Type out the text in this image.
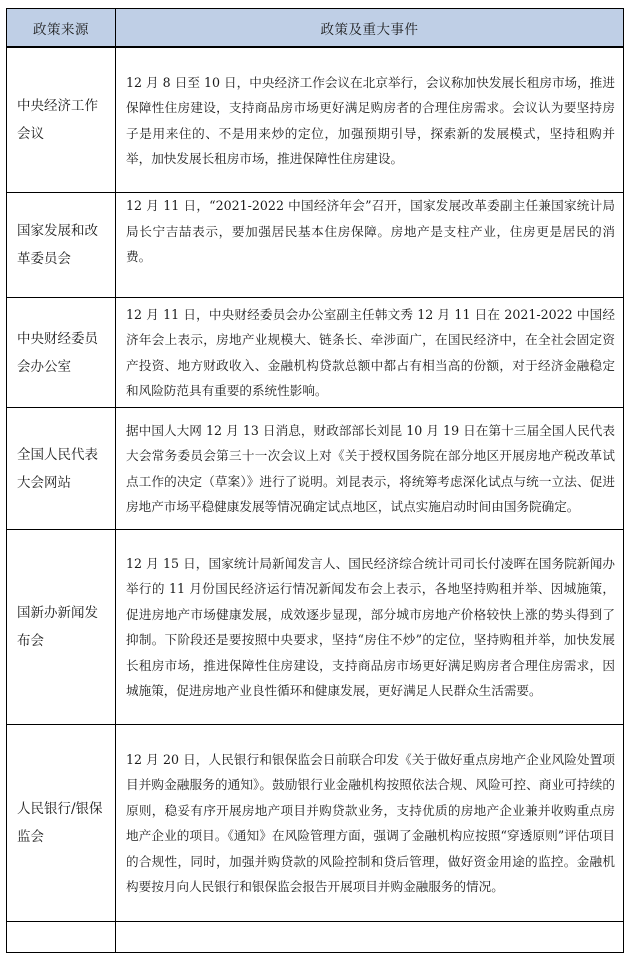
政策来源	政策及重大事件
中央经济工作会议	12 月 8 日至 10 日，中央经济工作会议在北京举行，会议称加快发展长租房市场，推进保障性住房建设，支持商品房市场更好满足购房者的合理住房需求。会议认为要坚持房子是用来住的、不是用来炒的定位，加强预期引导，探索新的发展模式，坚持租购并举，加快发展长租房市场，推进保障性住房建设。

国家发展和改革委员会	12 月 11 日，“2021-2022 中国经济年会”召开，国家发展改革委副主任兼国家统计局局长宁吉喆表示，要加强居民基本住房保障。房地产是支柱产业，住房更是居民的消费。

中央财经委员会办公室	12 月 11 日，中央财经委员会办公室副主任韩文秀 12 月 11 日在 2021-2022 中国经济年会上表示，房地产业规模大、链条长、牵涉面广，在国民经济中，在全社会固定资产投资、地方财政收入、金融机构贷款总额中都占有相当高的份额，对于经济金融稳定和风险防范具有重要的系统性影响。

全国人民代表大会网站	据中国人大网 12 月 13 日消息，财政部部长刘昆 10 月 19 日在第十三届全国人民代表大会常务委员会第三十一次会议上对《关于授权国务院在部分地区开展房地产税改革试点工作的决定（草案）》进行了说明。刘昆表示，将统筹考虑深化试点与统一立法、促进房地产市场平稳健康发展等情况确定试点地区，试点实施启动时间由国务院确定。

国新办新闻发布会	12 月 15 日，国家统计局新闻发言人、国民经济综合统计司司长付凌晖在国务院新闻办举行的 11 月份国民经济运行情况新闻发布会上表示，各地坚持购租并举、因城施策，促进房地产市场健康发展，成效逐步显现，部分城市房地产价格较快上涨的势头得到了抑制。下阶段还是要按照中央要求，坚持“房住不炒”的定位，坚持购租并举，加快发展长租房市场，推进保障性住房建设，支持商品房市场更好满足购房者合理住房需求，因城施策，促进房地产业良性循环和健康发展，更好满足人民群众生活需要。

人民银行/银保监会	12 月 20 日，人民银行和银保监会日前联合印发《关于做好重点房地产企业风险处置项目并购金融服务的通知》。鼓励银行业金融机构按照依法合规、风险可控、商业可持续的原则，稳妥有序开展房地产项目并购贷款业务，支持优质的房地产企业兼并收购重点房地产企业的项目。《通知》在风险管理方面，强调了金融机构应按照“穿透原则”评估项目的合规性，同时，加强并购贷款的风险控制和贷后管理，做好资金用途的监控。金融机构要按月向人民银行和银保监会报告开展项目并购金融服务的情况。
